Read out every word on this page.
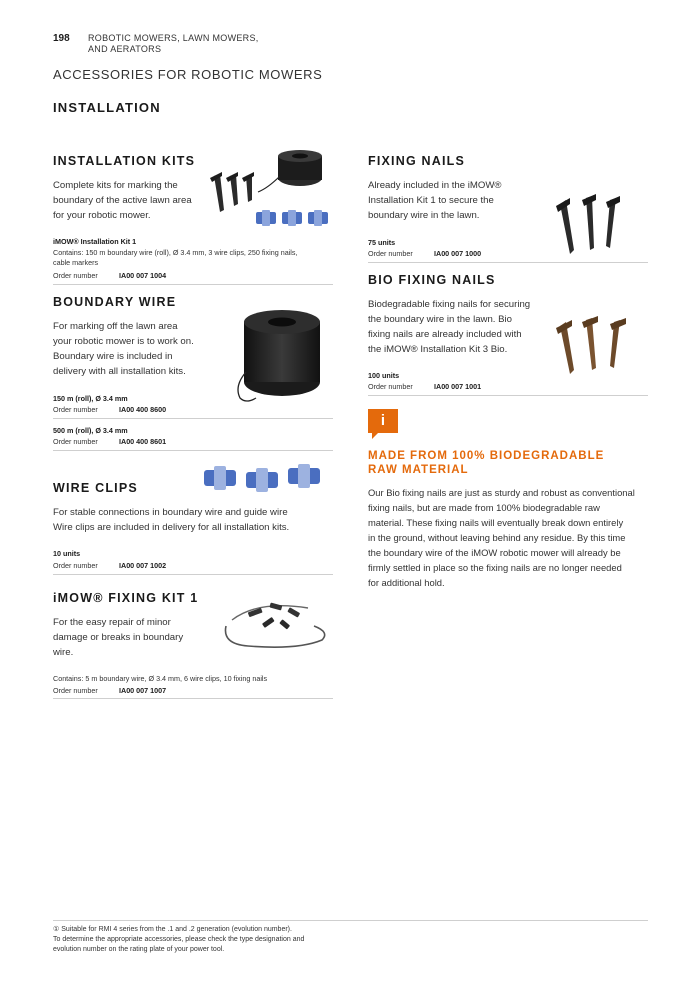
198 ROBOTIC MOWERS, LAWN MOWERS,
AND AERATORS
ACCESSORIES FOR ROBOTIC MOWERS
INSTALLATION
INSTALLATION KITS
Complete kits for marking the
boundary of the active lawn area
for your robotic mower.
iMOW® Installation Kit 1
Contains: 150 m boundary wire (roll), Ø 3.4 mm, 3 wire clips, 250 fixing nails,
cable markers
Order number	IA00 007 1004
BOUNDARY WIRE
For marking off the lawn area
your robotic mower is to work on.
Boundary wire is included in
delivery with all installation kits.
150 m (roll), Ø 3.4 mm
Order number	IA00 400 8600
500 m (roll), Ø 3.4 mm
Order number	IA00 400 8601
WIRE CLIPS
For stable connections in boundary wire and guide wire
Wire clips are included in delivery for all installation kits.
10 units
Order number	IA00 007 1002
iMOW® FIXING KIT 1
For the easy repair of minor
damage or breaks in boundary
wire.
Contains: 5 m boundary wire, Ø 3.4 mm, 6 wire clips, 10 fixing nails
Order number	IA00 007 1007
FIXING NAILS
Already included in the iMOW®
Installation Kit 1 to secure the
boundary wire in the lawn.
75 units
Order number	IA00 007 1000
BIO FIXING NAILS
Biodegradable fixing nails for securing
the boundary wire in the lawn. Bio
fixing nails are already included with
the iMOW® Installation Kit 3 Bio.
100 units
Order number	IA00 007 1001
i
MADE FROM 100% BIODEGRADABLE
RAW MATERIAL
Our Bio fixing nails are just as sturdy and robust as conventional
fixing nails, but are made from 100% biodegradable raw
material. These fixing nails will eventually break down entirely
in the ground, without leaving behind any residue. By this time
the boundary wire of the iMOW robotic mower will already be
firmly settled in place so the fixing nails are no longer needed
for additional hold.
① Suitable for RMI 4 series from the .1 and .2 generation (evolution number).
To determine the appropriate accessories, please check the type designation and
evolution number on the rating plate of your power tool.
